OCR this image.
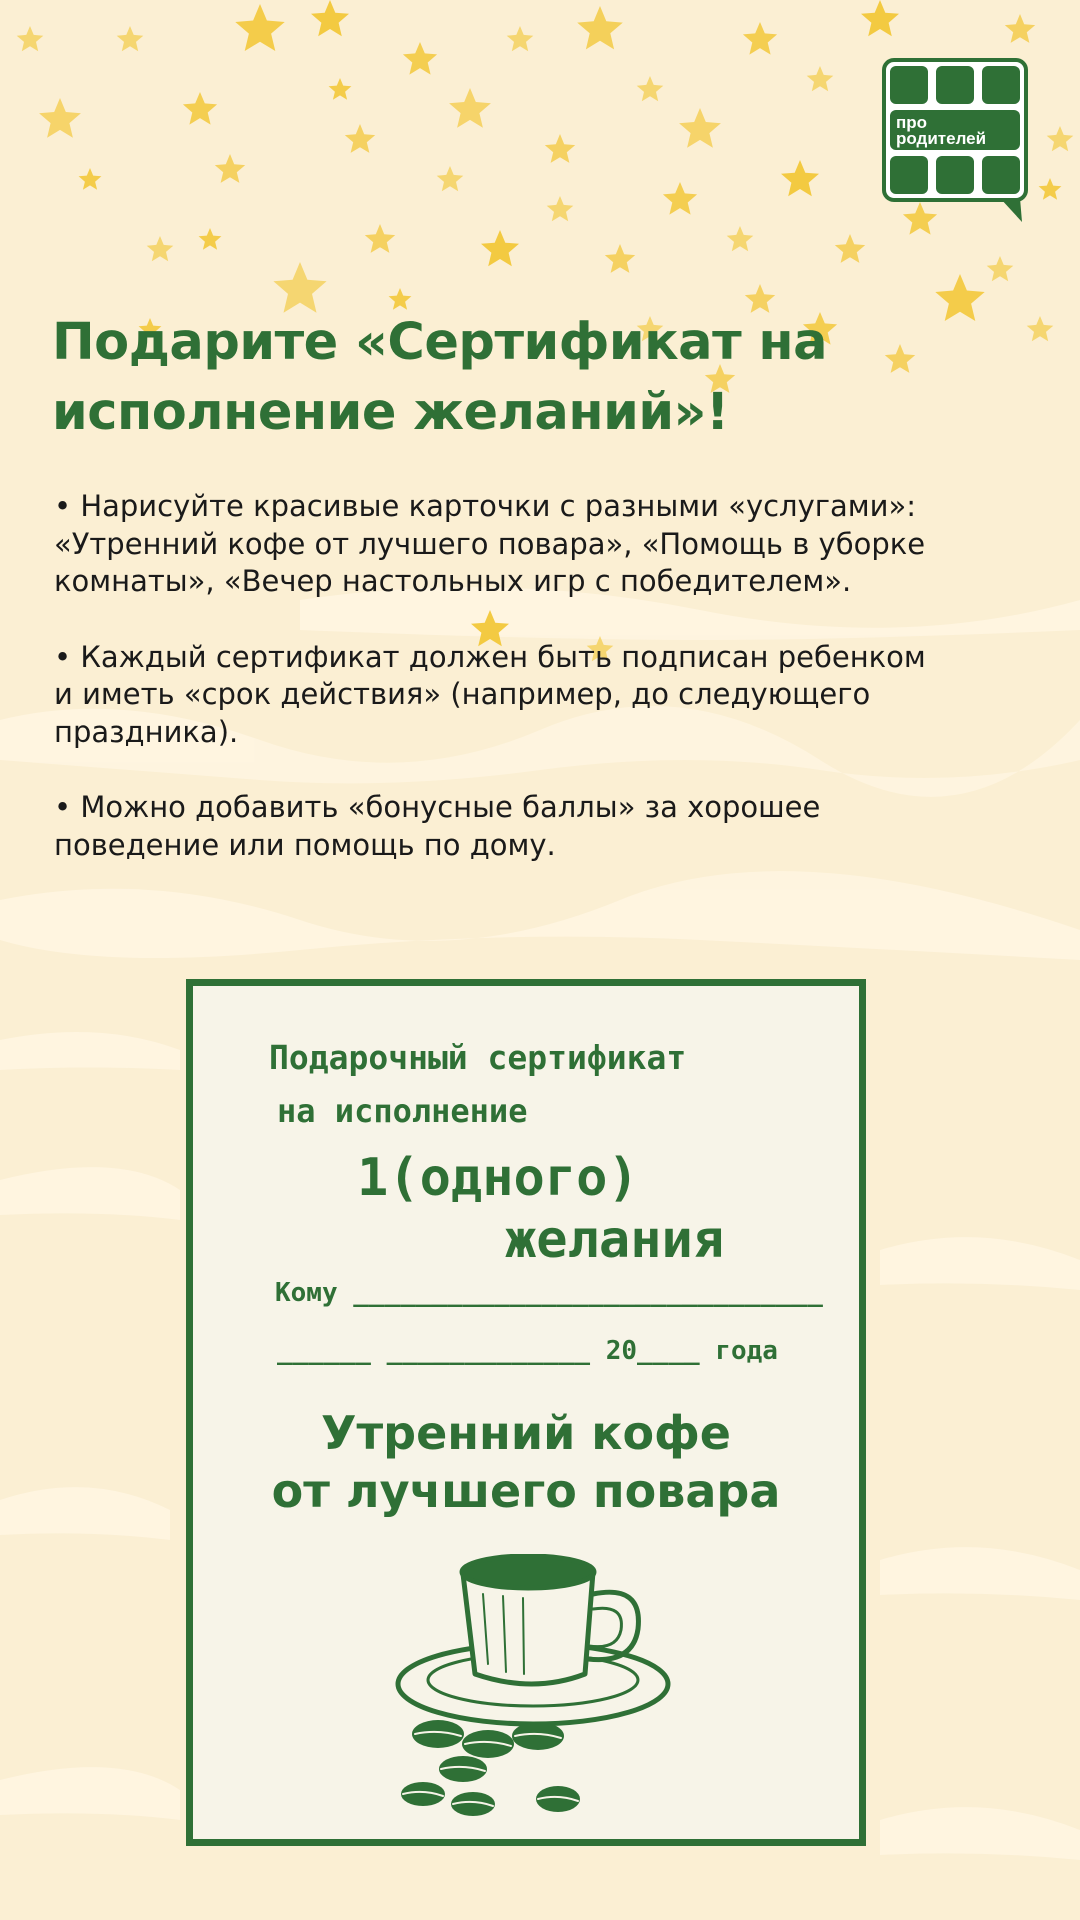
про
родителей
Подарите «Сертификат на исполнение желаний»!

• Нарисуйте красивые карточки с разными «услугами»:
«Утренний кофе от лучшего повара», «Помощь в уборке
комнаты», «Вечер настольных игр с победителем».

• Каждый сертификат должен быть подписан ребенком
и иметь «срок действия» (например, до следующего
праздника).

• Можно добавить «бонусные баллы» за хорошее
поведение или помощь по дому.

Подарочный сертификат

на исполнение

1(одного)

желания

Кому ______________________________

______ _____________ 20____ года

Утренний кофе
от лучшего повара
